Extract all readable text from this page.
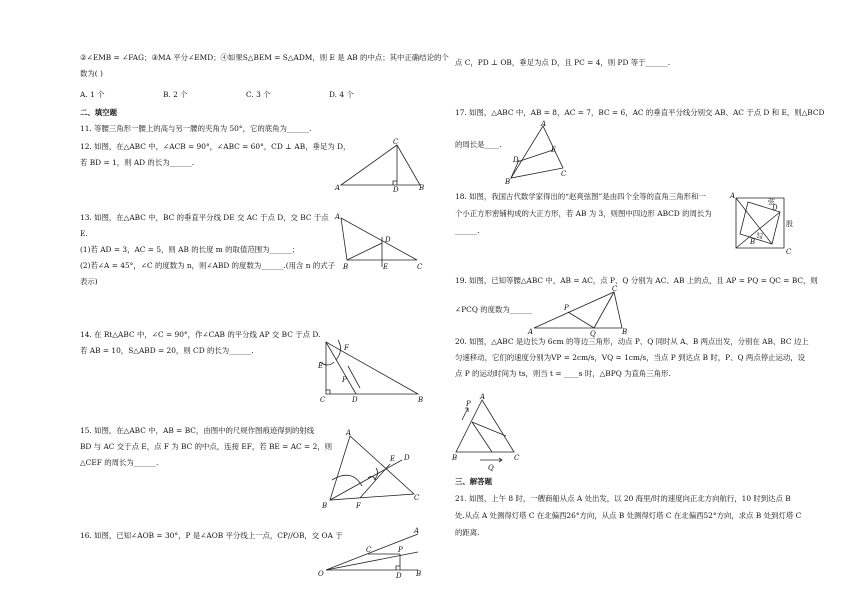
②∠EMB = ∠FAG；③MA 平分∠EMD；④如果S△BEM = S△ADM，则 E 是 AB 的中点；其中正确结论的个
数为( )
A. 1 个	B. 2 个	C. 3 个	D. 4 个
二、填空题
11. 等腰三角形一腰上的高与另一腰的夹角为 50°，它的底角为______.
12. 如图，在△ABC 中，∠ACB = 90°，∠ABC = 60°，CD ⊥ AB，垂足为 D，
若 BD = 1，则 AD 的长为______.
13. 如图，在△ABC 中，BC 的垂直平分线 DE 交 AC 于点 D，交 BC 于点
E.
(1)若 AD = 3，AC = 5，则 AB 的长度 m 的取值范围为______；
(2)若∠A = 45°，∠C 的度数为 n，则∠ABD 的度数为______.(用含 n 的式子
表示)
14. 在 Rt△ABC 中，∠C = 90°，作∠CAB 的平分线 AP 交 BC 于点 D.
若 AB = 10，S△ABD = 20，则 CD 的长为______.
15. 如图，在△ABC 中，AB = BC，由图中的尺规作图痕迹得到的射线
BD 与 AC 交于点 E，点 F 为 BC 的中点，连接 EF，若 BE = AC = 2，则
△CEF 的周长为______.
16. 如图，已知∠AOB = 30°，P 是∠AOB 平分线上一点，CP//OB，交 OA 于
C
A	D	B
A
D
B	E	C
F
E
P
C	D	B
A
E D
B	F
C
A
P
C
O	D B
点 C，PD ⊥ OB，垂足为点 D，且 PC = 4，则 PD 等于______.
17. 如图，△ABC 中，AB = 8，AC = 7，BC = 6，AC 的垂直平分线分别交 AB、AC 于点 D 和 E，则△BCD
的周长是____.
18. 如图，我国古代数学家得出的“赵爽弦图”是由四个全等的直角三角形和一
个小正方形密铺构成的大正方形，若 AB 为 3，则图中四边形 ABCD 的周长为
______.
19. 如图，已知等腰△ABC 中，AB = AC，点 P、Q 分别为 AC、AB 上的点，且 AP = PQ = QC = BC，则
∠PCQ 的度数为______
20. 如图，△ABC 是边长为 6cm 的等边三角形，动点 P、Q 同时从 A、B 两点出发，分别在 AB、BC 边上
匀速移动，它们的速度分别为VP = 2cm/s，VQ = 1cm/s，当点 P 到达点 B 时，P、Q 两点停止运动，设
点 P 的运动时间为 ts，则当 t = ____s 时，△BPQ 为直角三角形.
三、解答题
21. 如图，上午 8 时，一艘商船从点 A 处出发，以 20 海里/时的速度向正北方向航行，10 时到达点 B
处.从点 A 处测得灯塔 C 在北偏西26°方向，从点 B 处测得灯塔 C 在北偏西52°方向，求点 B 处到灯塔 C
的距离.
A
D
E
B
C
A
D
B
C
弦
股
勾
C
P
A	Q	B
A
P
B
Q
C
